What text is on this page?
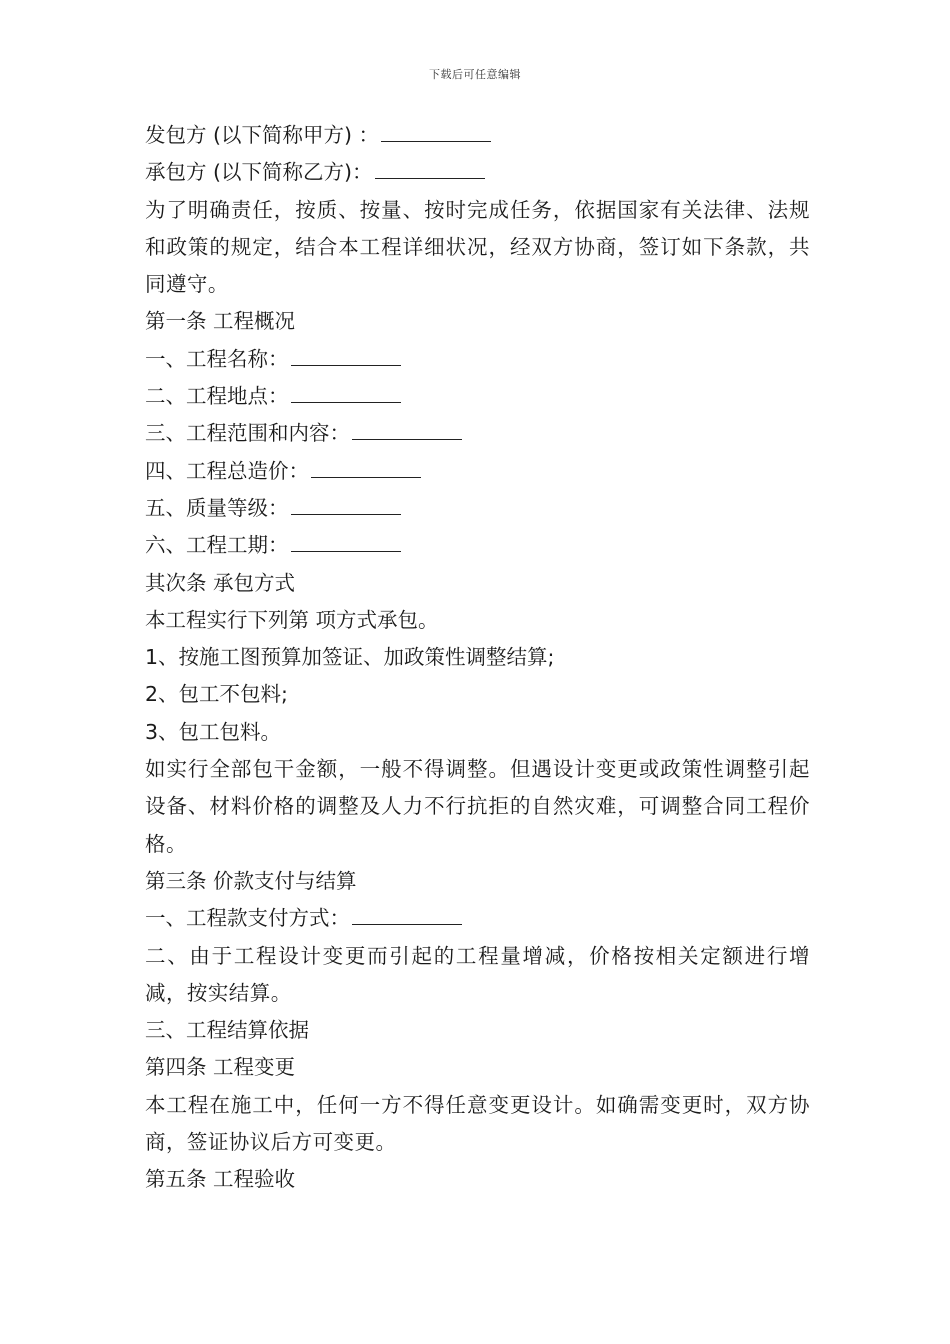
下载后可任意编辑
发包方 (以下简称甲方) ：
承包方 (以下简称乙方)：
为了明确责任，按质、按量、按时完成任务，依据国家有关法律、法规和政策的规定，结合本工程详细状况，经双方协商，签订如下条款，共同遵守。
第一条 工程概况
一、工程名称：
二、工程地点：
三、工程范围和内容：
四、工程总造价：
五、质量等级：
六、工程工期：
其次条 承包方式
本工程实行下列第 项方式承包。
1、按施工图预算加签证、加政策性调整结算;
2、包工不包料;
3、包工包料。
如实行全部包干金额，一般不得调整。但遇设计变更或政策性调整引起设备、材料价格的调整及人力不行抗拒的自然灾难，可调整合同工程价格。
第三条 价款支付与结算
一、工程款支付方式：
二、由于工程设计变更而引起的工程量增减，价格按相关定额进行增减，按实结算。
三、工程结算依据
第四条 工程变更
本工程在施工中，任何一方不得任意变更设计。如确需变更时，双方协商，签证协议后方可变更。
第五条 工程验收
